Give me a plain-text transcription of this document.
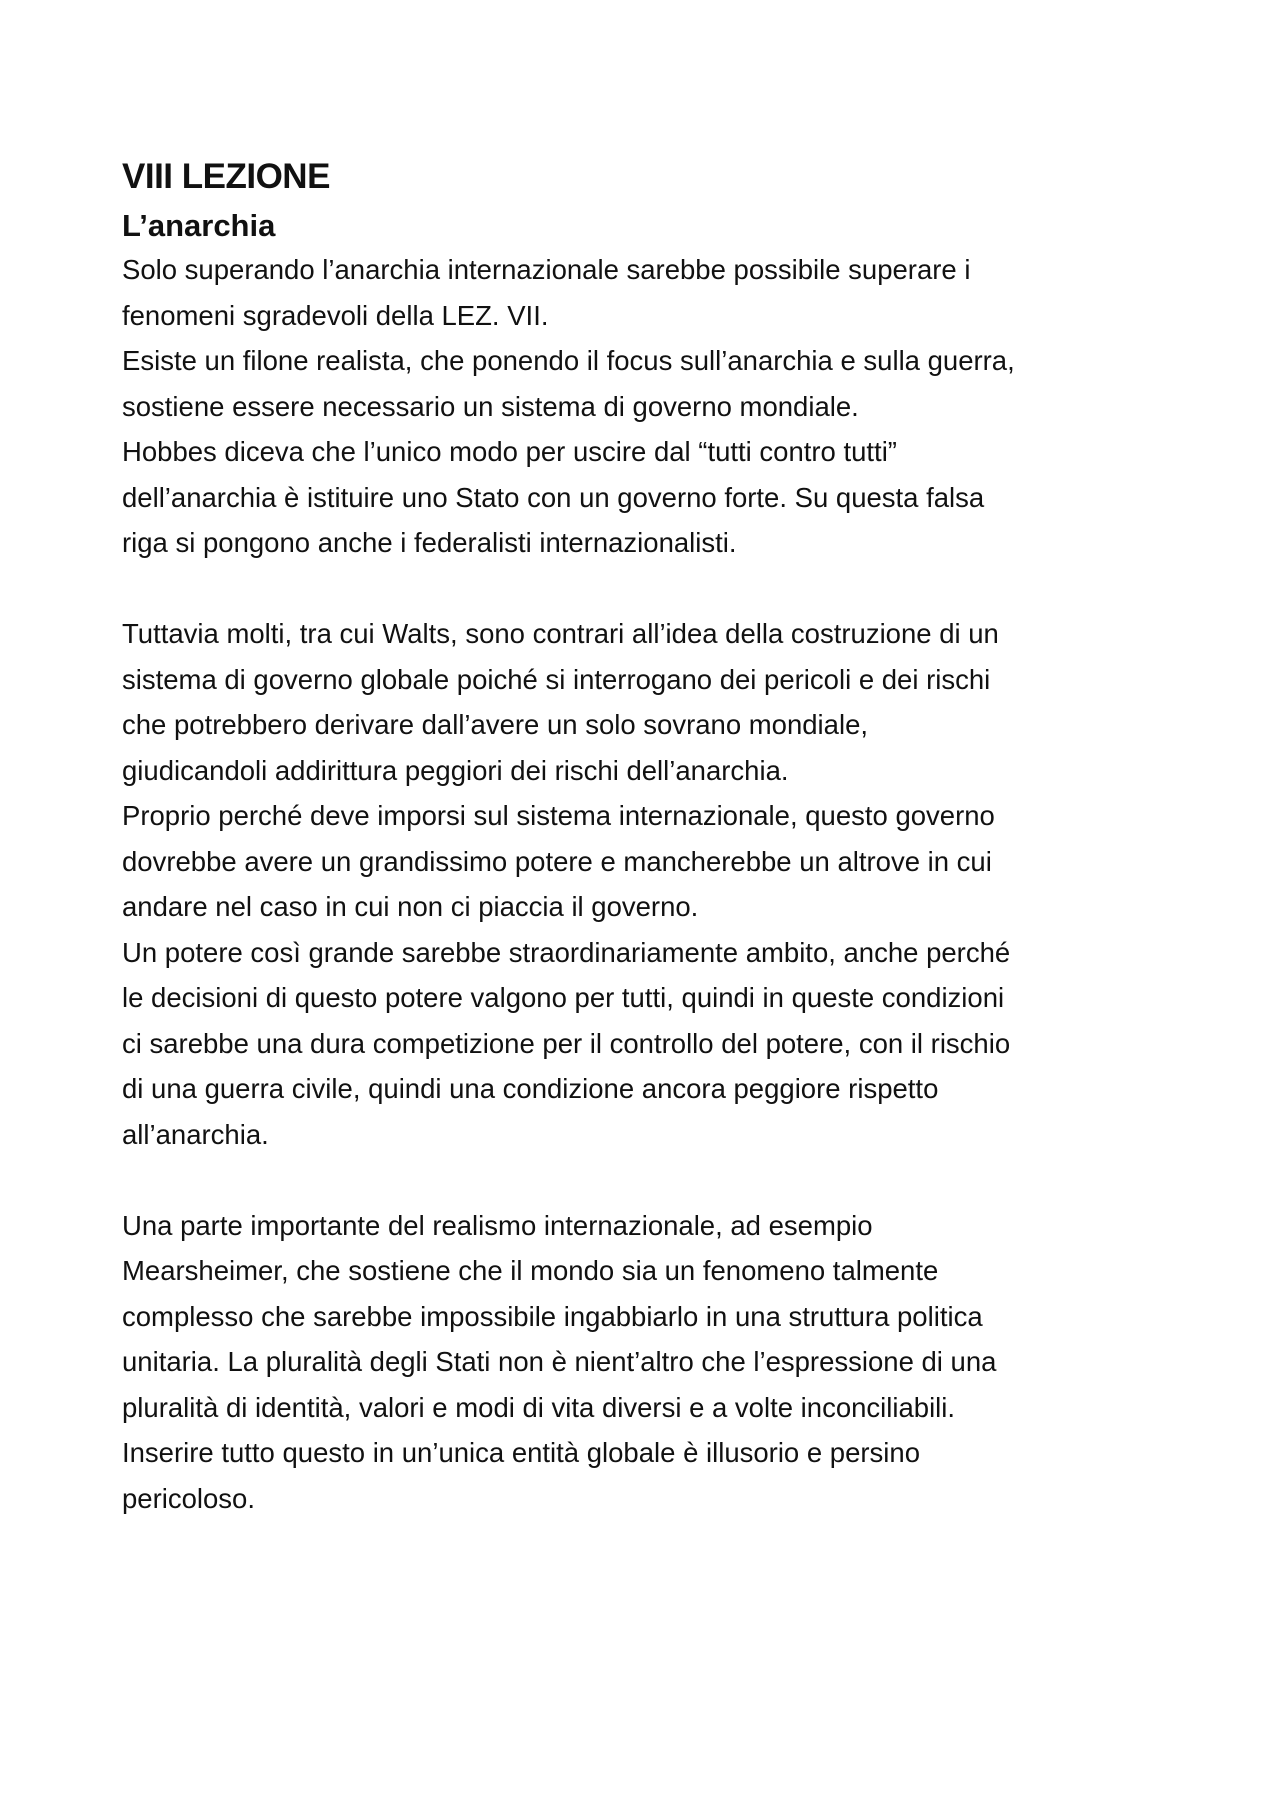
VIII LEZIONE
L’anarchia
Solo superando l’anarchia internazionale sarebbe possibile superare i
fenomeni sgradevoli della LEZ. VII.
Esiste un filone realista, che ponendo il focus sull’anarchia e sulla guerra,
sostiene essere necessario un sistema di governo mondiale.
Hobbes diceva che l’unico modo per uscire dal “tutti contro tutti”
dell’anarchia è istituire uno Stato con un governo forte. Su questa falsa
riga si pongono anche i federalisti internazionalisti.
Tuttavia molti, tra cui Walts, sono contrari all’idea della costruzione di un
sistema di governo globale poiché si interrogano dei pericoli e dei rischi
che potrebbero derivare dall’avere un solo sovrano mondiale,
giudicandoli addirittura peggiori dei rischi dell’anarchia.
Proprio perché deve imporsi sul sistema internazionale, questo governo
dovrebbe avere un grandissimo potere e mancherebbe un altrove in cui
andare nel caso in cui non ci piaccia il governo.
Un potere così grande sarebbe straordinariamente ambito, anche perché
le decisioni di questo potere valgono per tutti, quindi in queste condizioni
ci sarebbe una dura competizione per il controllo del potere, con il rischio
di una guerra civile, quindi una condizione ancora peggiore rispetto
all’anarchia.
Una parte importante del realismo internazionale, ad esempio
Mearsheimer, che sostiene che il mondo sia un fenomeno talmente
complesso che sarebbe impossibile ingabbiarlo in una struttura politica
unitaria. La pluralità degli Stati non è nient’altro che l’espressione di una
pluralità di identità, valori e modi di vita diversi e a volte inconciliabili.
Inserire tutto questo in un’unica entità globale è illusorio e persino
pericoloso.
